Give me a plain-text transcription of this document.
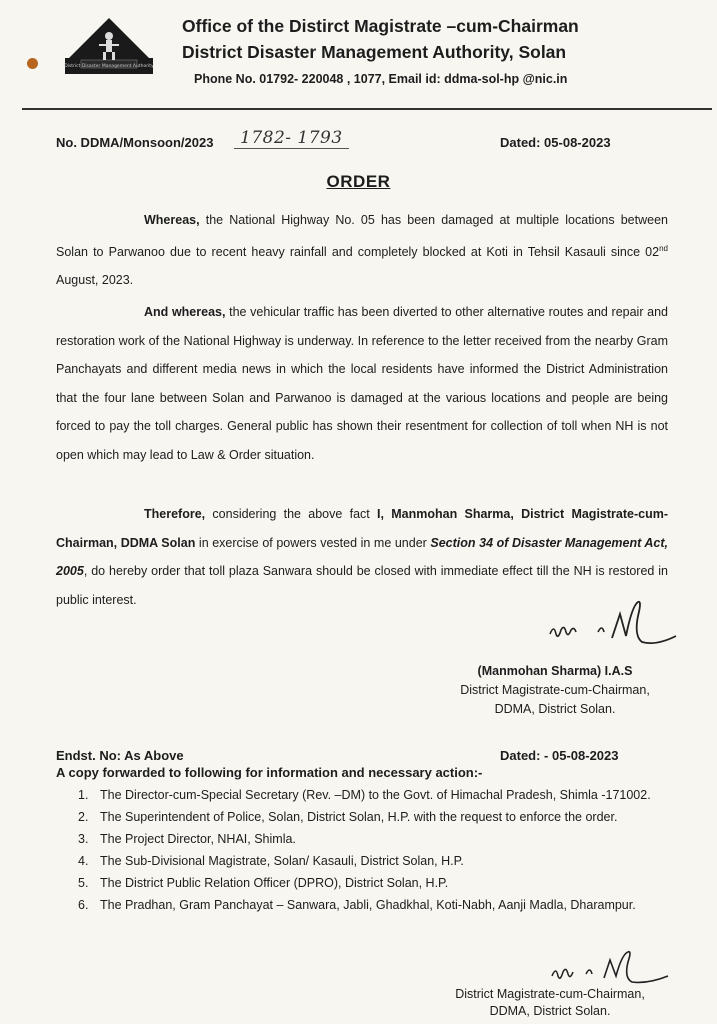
District Disaster Management Authority
Office of the Distirct Magistrate –cum-Chairman
District Disaster Management Authority, Solan
Phone No. 01792- 220048 , 1077, Email id: ddma-sol-hp @nic.in
No. DDMA/Monsoon/2023	1782- 1793	Dated: 05-08-2023
ORDER
Whereas, the National Highway No. 05 has been damaged at multiple locations between Solan to Parwanoo due to recent heavy rainfall and completely blocked at Koti in Tehsil Kasauli since 02nd August, 2023.
And whereas, the vehicular traffic has been diverted to other alternative routes and repair and restoration work of the National Highway is underway. In reference to the letter received from the nearby Gram Panchayats and different media news in which the local residents have informed the District Administration that the four lane between Solan and Parwanoo is damaged at the various locations and people are being forced to pay the toll charges. General public has shown their resentment for collection of toll when NH is not open which may lead to Law & Order situation.
Therefore, considering the above fact I, Manmohan Sharma, District Magistrate-cum- Chairman, DDMA Solan in exercise of powers vested in me under Section 34 of Disaster Management Act, 2005, do hereby order that toll plaza Sanwara should be closed with immediate effect till the NH is restored in public interest.
(Manmohan Sharma) I.A.S
District Magistrate-cum-Chairman,
DDMA, District Solan.
Endst. No: As Above	Dated: - 05-08-2023
A copy forwarded to following for information and necessary action:-
1. The Director-cum-Special Secretary (Rev. –DM) to the Govt. of Himachal Pradesh, Shimla -171002.
2. The Superintendent of Police, Solan, District Solan, H.P. with the request to enforce the order.
3. The Project Director, NHAI, Shimla.
4. The Sub-Divisional Magistrate, Solan/ Kasauli, District Solan, H.P.
5. The District Public Relation Officer (DPRO), District Solan, H.P.
6. The Pradhan, Gram Panchayat – Sanwara, Jabli, Ghadkhal, Koti-Nabh, Aanji Madla, Dharampur.
District Magistrate-cum-Chairman,
DDMA, District Solan.
